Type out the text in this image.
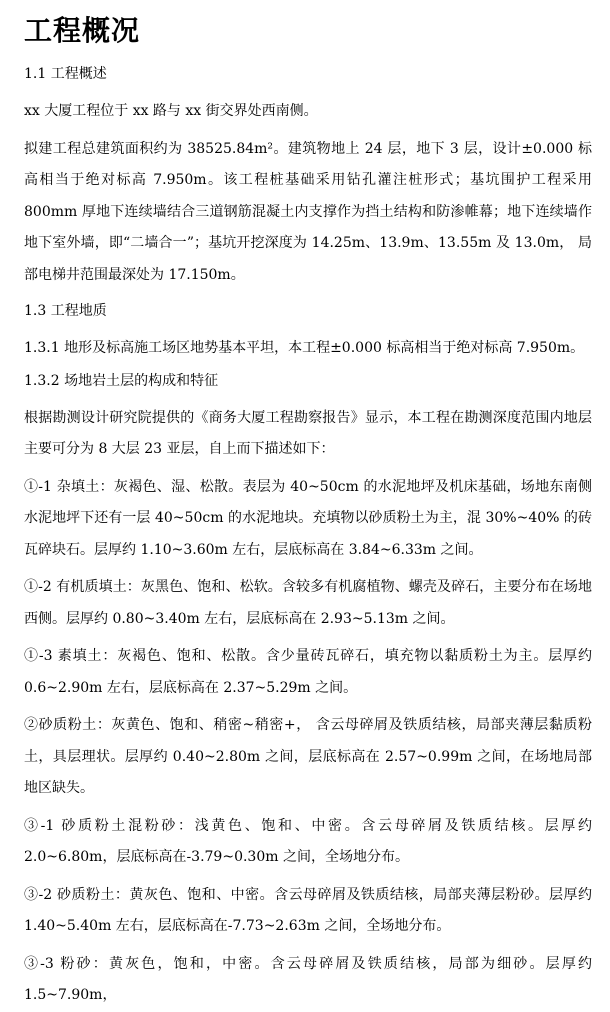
工程概况
1.1 工程概述

xx 大厦工程位于 xx 路与 xx 街交界处西南侧。

拟建工程总建筑面积约为 38525.84m²。建筑物地上 24 层，地下 3 层，设计±0.000 标高相当于绝对标高 7.950m。该工程桩基础采用钻孔灌注桩形式；基坑围护工程采用 800mm 厚地下连续墙结合三道钢筋混凝土内支撑作为挡土结构和防渗帷幕；地下连续墙作地下室外墙，即“二墙合一”；基坑开挖深度为 14.25m、13.9m、13.55m 及 13.0m， 局部电梯井范围最深处为 17.150m。

1.3 工程地质

1.3.1 地形及标高施工场区地势基本平坦，本工程±0.000 标高相当于绝对标高 7.950m。

1.3.2 场地岩土层的构成和特征

根据勘测设计研究院提供的《商务大厦工程勘察报告》显示，本工程在勘测深度范围内地层主要可分为 8 大层 23 亚层，自上而下描述如下：

①-1 杂填土：灰褐色、湿、松散。表层为 40~50cm 的水泥地坪及机床基础，场地东南侧水泥地坪下还有一层 40~50cm 的水泥地块。充填物以砂质粉土为主，混 30%~40% 的砖瓦碎块石。层厚约 1.10~3.60m 左右，层底标高在 3.84~6.33m 之间。

①-2 有机质填土：灰黑色、饱和、松软。含较多有机腐植物、螺壳及碎石，主要分布在场地西侧。层厚约 0.80~3.40m 左右，层底标高在 2.93~5.13m 之间。

①-3 素填土：灰褐色、饱和、松散。含少量砖瓦碎石，填充物以黏质粉土为主。层厚约 0.6~2.90m 左右，层底标高在 2.37~5.29m 之间。

②砂质粉土：灰黄色、饱和、稍密~稍密+， 含云母碎屑及铁质结核，局部夹薄层黏质粉土，具层理状。层厚约 0.40~2.80m 之间，层底标高在 2.57~0.99m 之间，在场地局部地区缺失。

③-1 砂质粉土混粉砂：浅黄色、饱和、中密。含云母碎屑及铁质结核。层厚约 2.0~6.80m，层底标高在-3.79~0.30m 之间，全场地分布。

③-2 砂质粉土：黄灰色、饱和、中密。含云母碎屑及铁质结核，局部夹薄层粉砂。层厚约 1.40~5.40m 左右，层底标高在-7.73~2.63m 之间，全场地分布。

③-3 粉砂：黄灰色，饱和，中密。含云母碎屑及铁质结核，局部为细砂。层厚约 1.5~7.90m，
